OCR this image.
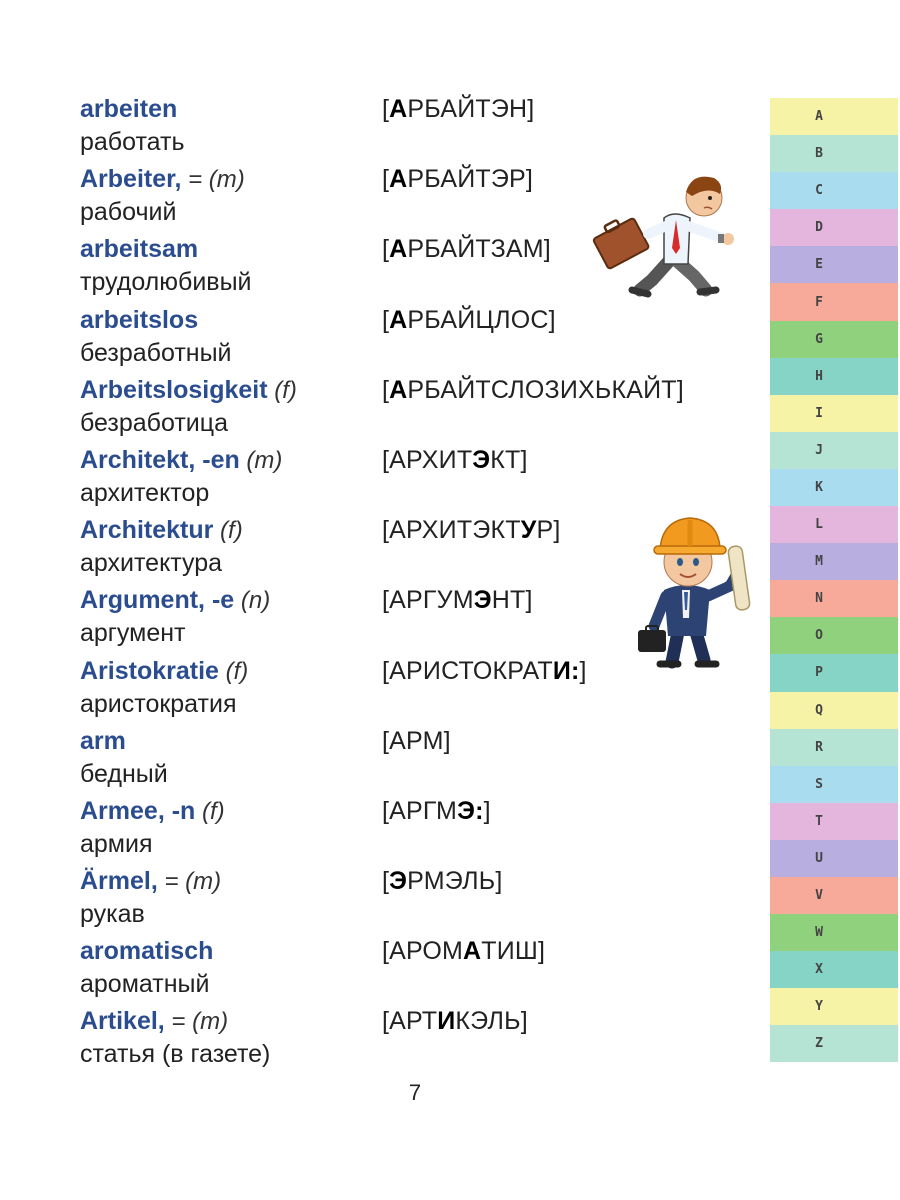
arbeiten
работать
[АРБАЙТЭН]
Arbeiter, = (m)
рабочий
[АРБАЙТЭР]
arbeitsam
трудолюбивый
[АРБАЙТЗАМ]
arbeitslos
безработный
[АРБАЙЦЛОС]
Arbeitslosigkeit (f)
безработица
[АРБАЙТСЛОЗИХЬКАЙТ]
Architekt, -en (m)
архитектор
[АРХИТЭКТ]
Architektur (f)
архитектура
[АРХИТЭКТУР]
Argument, -e (n)
аргумент
[АРГУМЭНТ]
Aristokratie (f)
аристократия
[АРИСТОКРАТИ:]
arm
бедный
[АРМ]
Armee, -n (f)
армия
[АРГМЭ:]
Ärmel, = (m)
рукав
[ЭРМЭЛЬ]
aromatisch
ароматный
[АРОМАТИШ]
Artikel, = (m)
статья (в газете)
[АРТИКЭЛЬ]
7
A
B
C
D
E
F
G
H
I
J
K
L
M
N
O
P
Q
R
S
T
U
V
W
X
Y
Z
